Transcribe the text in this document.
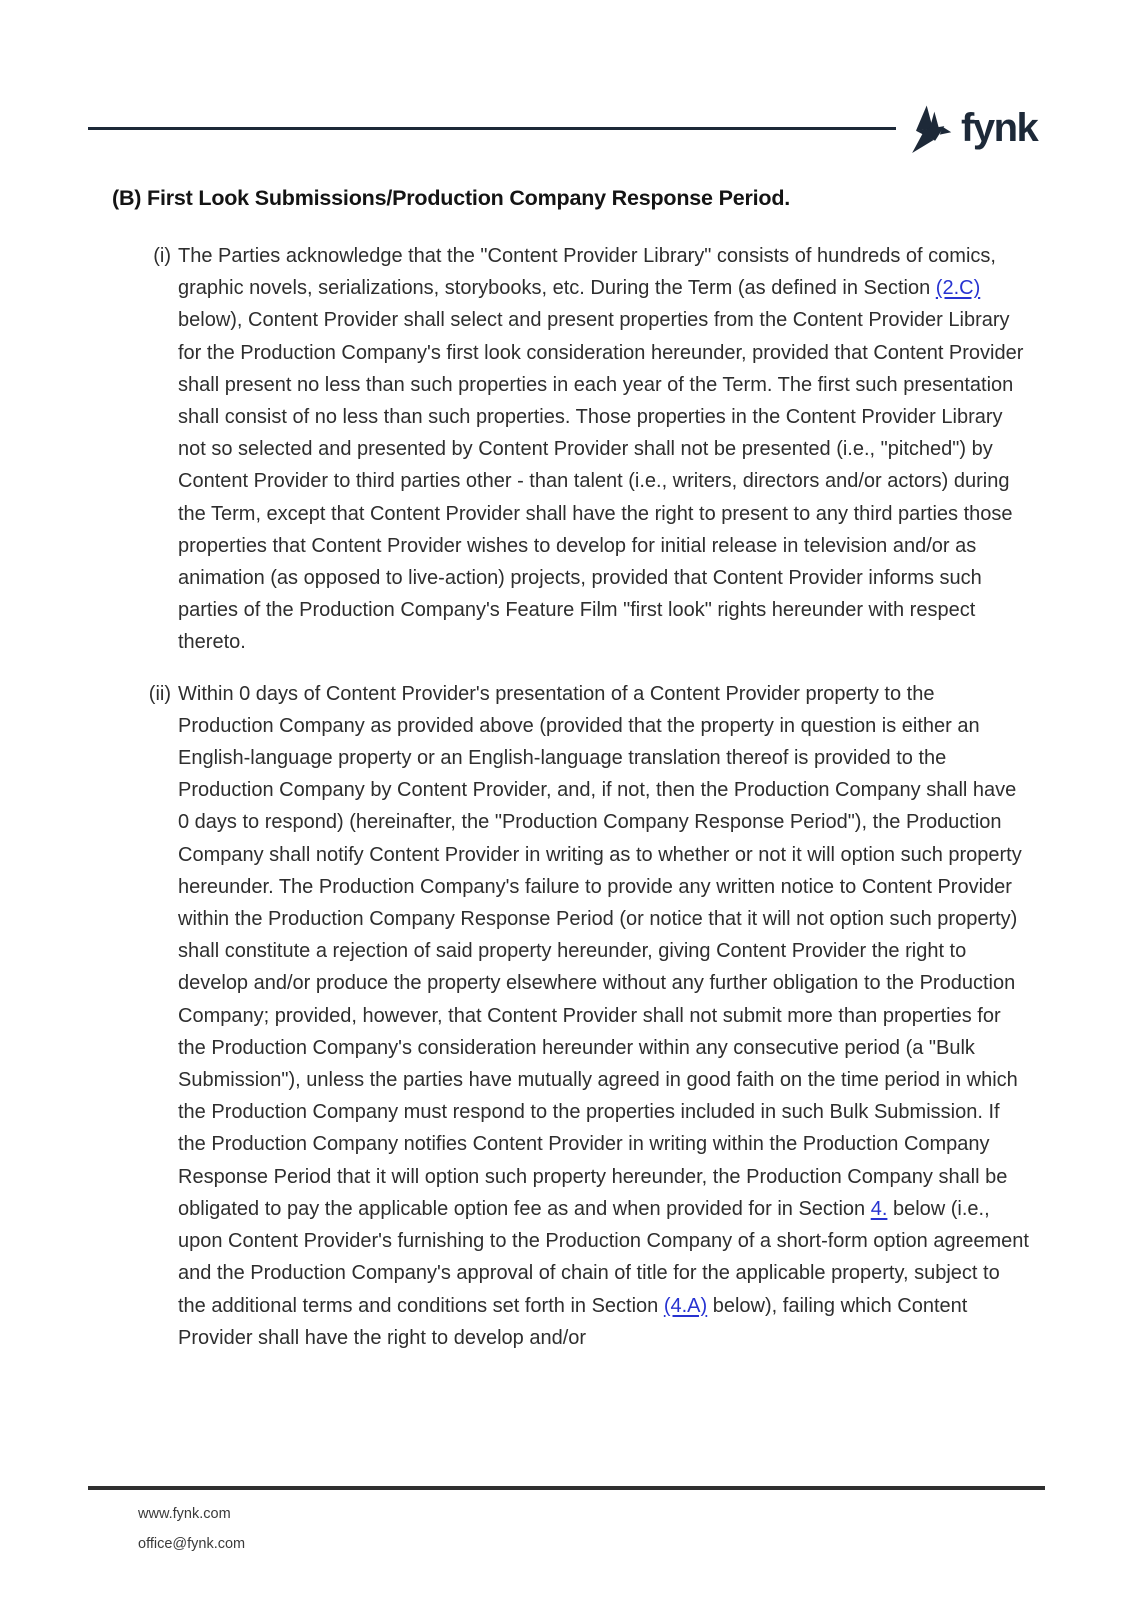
fynk
(B) First Look Submissions/Production Company Response Period.
(i) The Parties acknowledge that the "Content Provider Library" consists of hundreds of comics, graphic novels, serializations, storybooks, etc. During the Term (as defined in Section (2.C) below), Content Provider shall select and present properties from the Content Provider Library for the Production Company's first look consideration hereunder, provided that Content Provider shall present no less than such properties in each year of the Term. The first such presentation shall consist of no less than such properties. Those properties in the Content Provider Library not so selected and presented by Content Provider shall not be presented (i.e., "pitched") by Content Provider to third parties other - than talent (i.e., writers, directors and/or actors) during the Term, except that Content Provider shall have the right to present to any third parties those properties that Content Provider wishes to develop for initial release in television and/or as animation (as opposed to live-action) projects, provided that Content Provider informs such parties of the Production Company's Feature Film "first look" rights hereunder with respect thereto.
(ii) Within 0 days of Content Provider's presentation of a Content Provider property to the Production Company as provided above (provided that the property in question is either an English-language property or an English-language translation thereof is provided to the Production Company by Content Provider, and, if not, then the Production Company shall have 0 days to respond) (hereinafter, the "Production Company Response Period"), the Production Company shall notify Content Provider in writing as to whether or not it will option such property hereunder. The Production Company's failure to provide any written notice to Content Provider within the Production Company Response Period (or notice that it will not option such property) shall constitute a rejection of said property hereunder, giving Content Provider the right to develop and/or produce the property elsewhere without any further obligation to the Production Company; provided, however, that Content Provider shall not submit more than properties for the Production Company's consideration hereunder within any consecutive period (a "Bulk Submission"), unless the parties have mutually agreed in good faith on the time period in which the Production Company must respond to the properties included in such Bulk Submission. If the Production Company notifies Content Provider in writing within the Production Company Response Period that it will option such property hereunder, the Production Company shall be obligated to pay the applicable option fee as and when provided for in Section 4. below (i.e., upon Content Provider's furnishing to the Production Company of a short-form option agreement and the Production Company's approval of chain of title for the applicable property, subject to the additional terms and conditions set forth in Section (4.A) below), failing which Content Provider shall have the right to develop and/or
www.fynk.com
office@fynk.com
